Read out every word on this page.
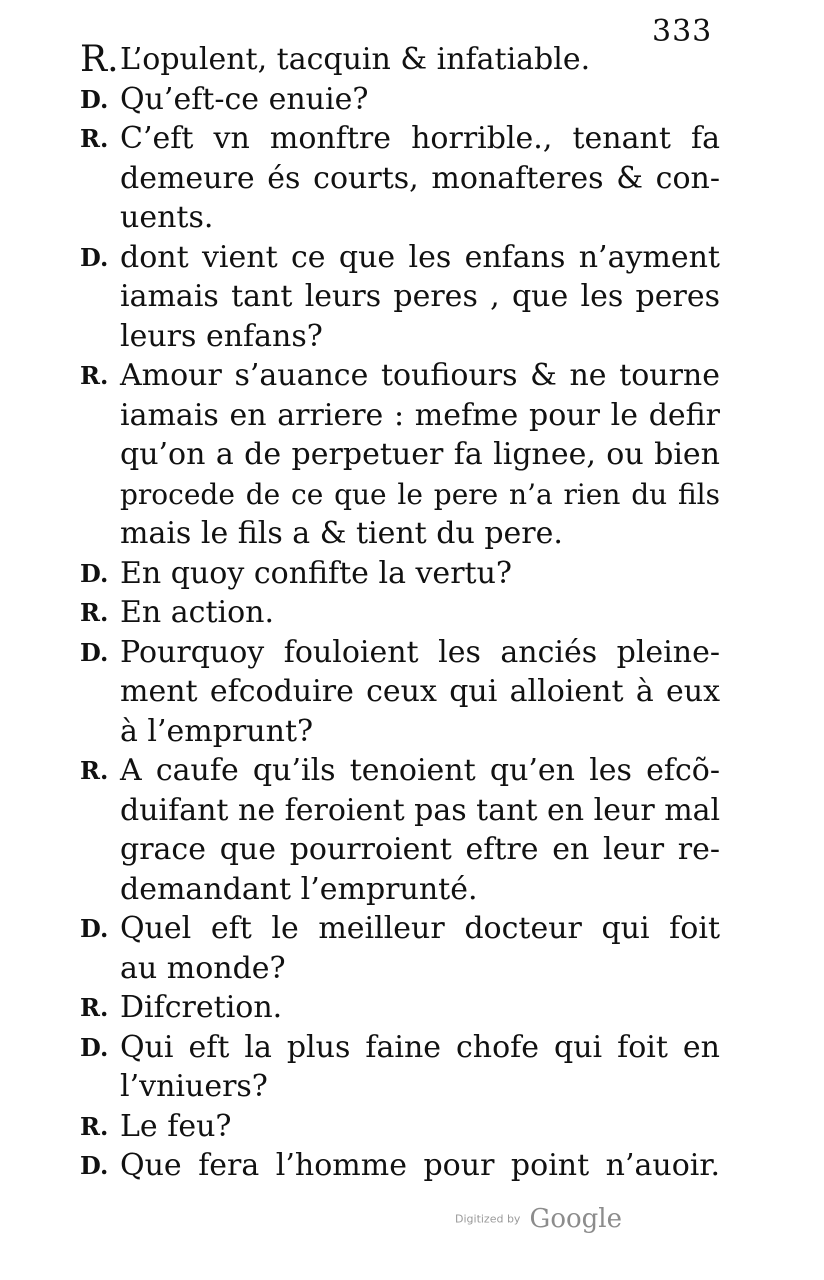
333
R. L’opulent, tacquin & infatiable.
D. Qu’eft-ce enuie?
R. C’eft vn monftre horrible., tenant fa
demeure és courts, monafteres & con-
uents.
D. dont vient ce que les enfans n’ayment
iamais tant leurs peres , que les peres
leurs enfans?
R. Amour s’auance toufiours & ne tourne
iamais en arriere : mefme pour le defir
qu’on a de perpetuer fa lignee, ou bien
procede de ce que le pere n’a rien du fils
mais le fils a & tient du pere.
D. En quoy confifte la vertu?
R. En action.
D. Pourquoy fouloient les anciés pleine-
ment efcoduire ceux qui alloient à eux
à l’emprunt?
R. A caufe qu’ils tenoient qu’en les efcõ-
duifant ne feroient pas tant en leur mal
grace que pourroient eftre en leur re-
demandant l’emprunté.
D. Quel eft le meilleur docteur qui foit
au monde?
R. Difcretion.
D. Qui eft la plus faine chofe qui foit en
l’vniuers?
R. Le feu?
D. Que fera l’homme pour point n’auoir.
Digitized by Google
